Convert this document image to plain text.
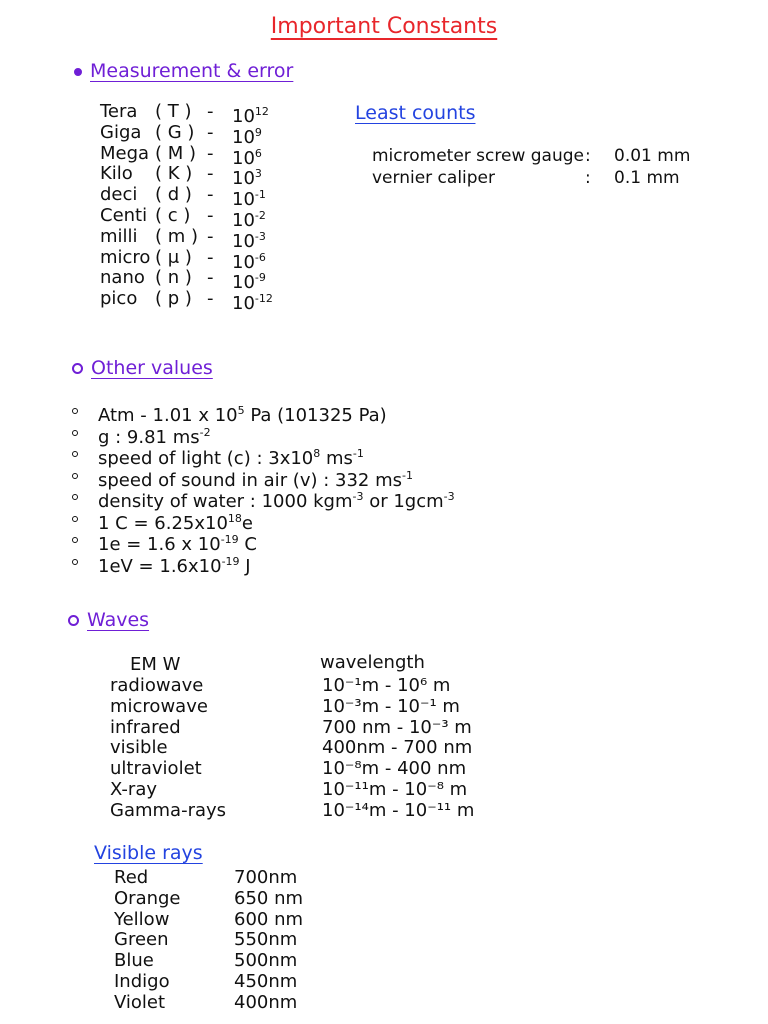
Important Constants
Measurement & error
Tera ( T ) - $10^{12}$
Giga ( G ) - $10^9$
Mega ( M ) - $10^6$
Kilo ( K ) - $10^3$
deci ( d ) - $10^{-1}$
Centi ( c ) - $10^{-2}$
milli ( m ) - $10^{-3}$
micro ( μ ) - $10^{-6}$
nano ( n ) - $10^{-9}$
pico ( p ) - $10^{-12}$
Least counts
micrometer screw gauge : 0.01 mm
vernier caliper	: 0.1 mm
Other values
Atm - 1.01 x $10^5$ Pa (101325 Pa)
g : 9.81 $ms^{-2}$
speed of light (c) : $3x10^8$ $ms^{-1}$
speed of sound in air (v) : 332 $ms^{-1}$
density of water : 1000 kgm$^{-3}$ or 1gcm$^{-3}$
1 $C = 6.25x10^{18}e$
1e = 1.6 x $10^{-19}$ C
$1eV = 1.6x10^{-19}$ J
Waves
EM W	wavelength
radiowave	10⁻¹m - 10⁶ m
microwave	10⁻³m - 10⁻¹ m
infrared	700 nm - 10⁻³ m
visible	400nm - 700 nm
ultraviolet	10⁻⁸m - 400 nm
X-ray	10⁻¹¹m - 10⁻⁸ m
Gamma-rays	10⁻¹⁴m - 10⁻¹¹ m
Visible rays
Red	700nm
Orange	650 nm
Yellow	600 nm
Green	550nm
Blue	500nm
Indigo	450nm
Violet	400nm
